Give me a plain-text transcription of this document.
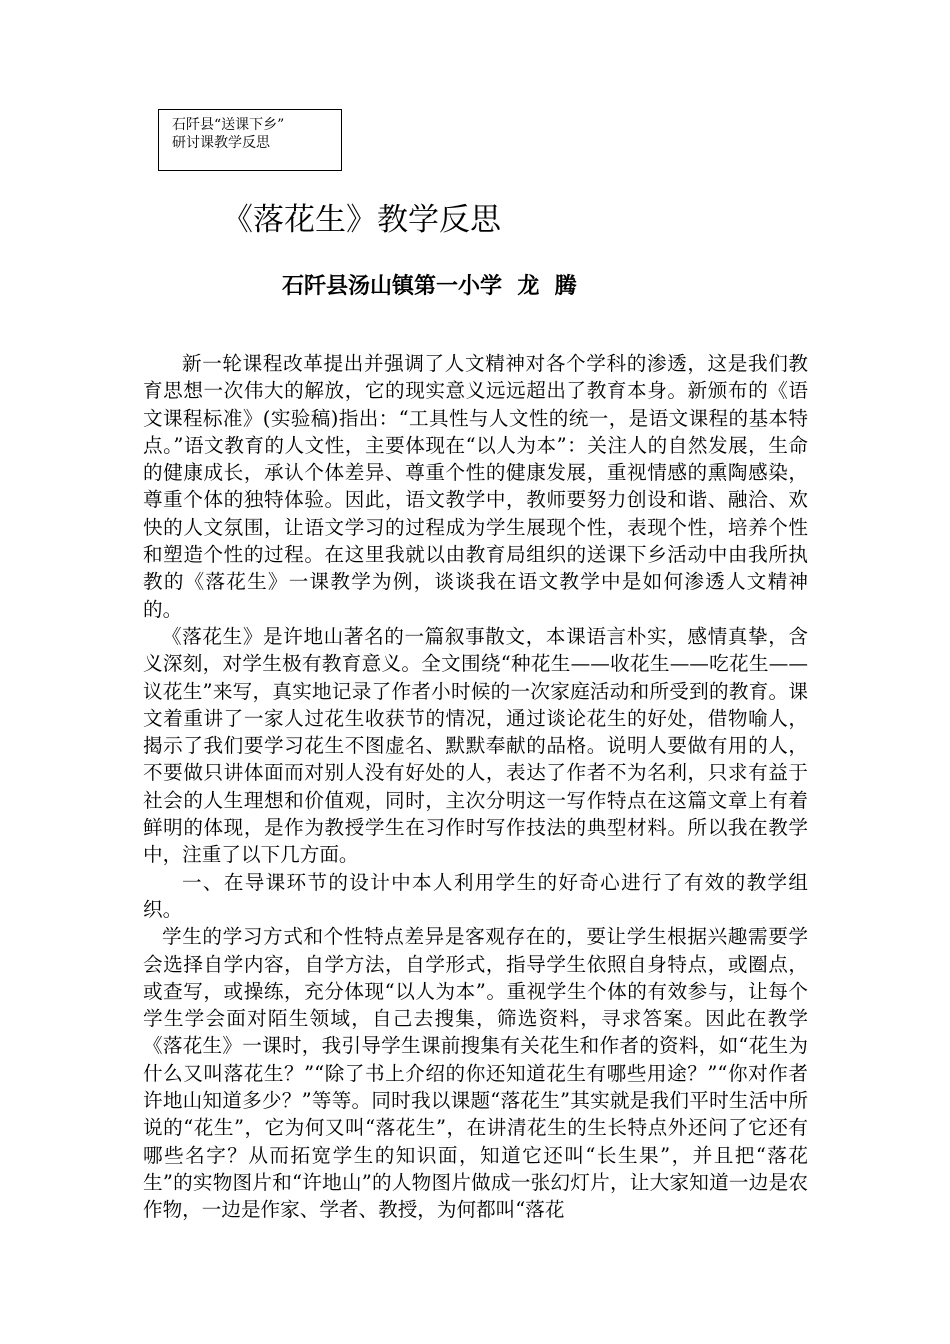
石阡县“送课下乡”
研讨课教学反思
《落花生》教学反思
石阡县汤山镇第一小学  龙  腾

新一轮课程改革提出并强调了人文精神对各个学科的渗透，这是我们教育思想一次伟大的解放，它的现实意义远远超出了教育本身。新颁布的《语文课程标准》(实验稿)指出：“工具性与人文性的统一，是语文课程的基本特点。”语文教育的人文性，主要体现在“以人为本”：关注人的自然发展，生命的健康成长，承认个体差异、尊重个性的健康发展，重视情感的熏陶感染，尊重个体的独特体验。因此，语文教学中，教师要努力创设和谐、融洽、欢快的人文氛围，让语文学习的过程成为学生展现个性，表现个性，培养个性和塑造个性的过程。在这里我就以由教育局组织的送课下乡活动中由我所执教的《落花生》一课教学为例，谈谈我在语文教学中是如何渗透人文精神的。

《落花生》是许地山著名的一篇叙事散文，本课语言朴实，感情真挚，含义深刻，对学生极有教育意义。全文围绕“种花生——收花生——吃花生——议花生”来写，真实地记录了作者小时候的一次家庭活动和所受到的教育。课文着重讲了一家人过花生收获节的情况，通过谈论花生的好处，借物喻人，揭示了我们要学习花生不图虚名、默默奉献的品格。说明人要做有用的人，不要做只讲体面而对别人没有好处的人，表达了作者不为名利，只求有益于社会的人生理想和价值观，同时，主次分明这一写作特点在这篇文章上有着鲜明的体现，是作为教授学生在习作时写作技法的典型材料。所以我在教学中，注重了以下几方面。

一、在导课环节的设计中本人利用学生的好奇心进行了有效的教学组织。

学生的学习方式和个性特点差异是客观存在的，要让学生根据兴趣需要学会选择自学内容，自学方法，自学形式，指导学生依照自身特点，或圈点，或查写，或操练，充分体现“以人为本”。重视学生个体的有效参与，让每个学生学会面对陌生领域，自己去搜集，筛选资料，寻求答案。因此在教学《落花生》一课时，我引导学生课前搜集有关花生和作者的资料，如“花生为什么又叫落花生？”“除了书上介绍的你还知道花生有哪些用途？”“你对作者许地山知道多少？”等等。同时我以课题“落花生”其实就是我们平时生活中所说的“花生”，它为何又叫“落花生”，在讲清花生的生长特点外还问了它还有哪些名字？从而拓宽学生的知识面，知道它还叫“长生果”，并且把“落花生”的实物图片和“许地山”的人物图片做成一张幻灯片，让大家知道一边是农作物，一边是作家、学者、教授，为何都叫“落花
